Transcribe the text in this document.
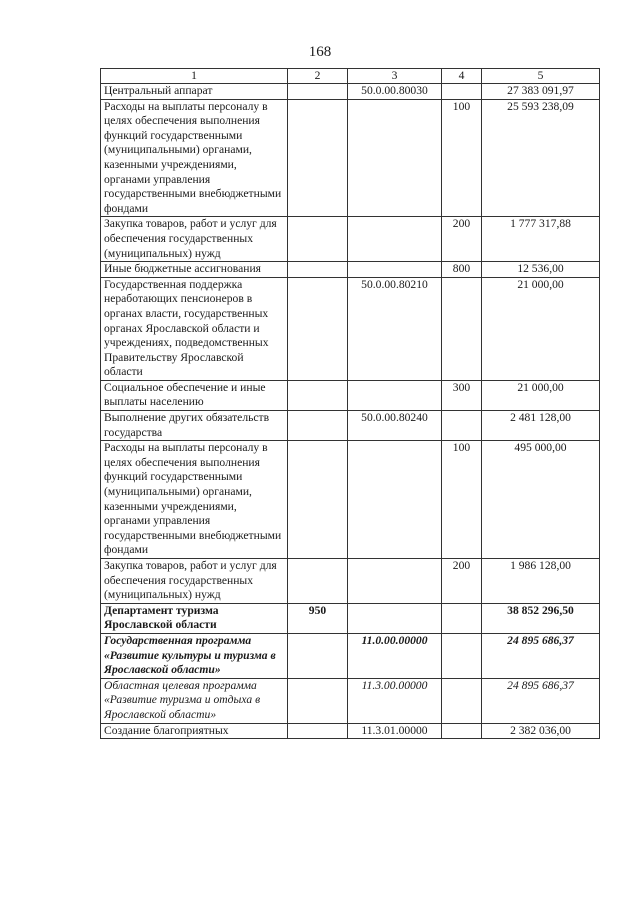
168
1	2	3	4	5
Центральный аппарат		50.0.00.80030		27 383 091,97
Расходы на выплаты персоналу в целях обеспечения выполнения функций государственными (муниципальными) органами, казенными учреждениями, органами управления государственными внебюджетными фондами			100	25 593 238,09
Закупка товаров, работ и услуг для обеспечения государственных (муниципальных) нужд			200	1 777 317,88
Иные бюджетные ассигнования			800	12 536,00
Государственная поддержка неработающих пенсионеров в органах власти, государственных органах Ярославской области и учреждениях, подведомственных Правительству Ярославской области		50.0.00.80210		21 000,00
Социальное обеспечение и иные выплаты населению			300	21 000,00
Выполнение других обязательств государства		50.0.00.80240		2 481 128,00
Расходы на выплаты персоналу в целях обеспечения выполнения функций государственными (муниципальными) органами, казенными учреждениями, органами управления государственными внебюджетными фондами			100	495 000,00
Закупка товаров, работ и услуг для обеспечения государственных (муниципальных) нужд			200	1 986 128,00
Департамент туризма Ярославской области	950			38 852 296,50
Государственная программа «Развитие культуры и туризма в Ярославской области»		11.0.00.00000		24 895 686,37
Областная целевая программа «Развитие туризма и отдыха в Ярославской области»		11.3.00.00000		24 895 686,37
Создание благоприятных		11.3.01.00000		2 382 036,00
